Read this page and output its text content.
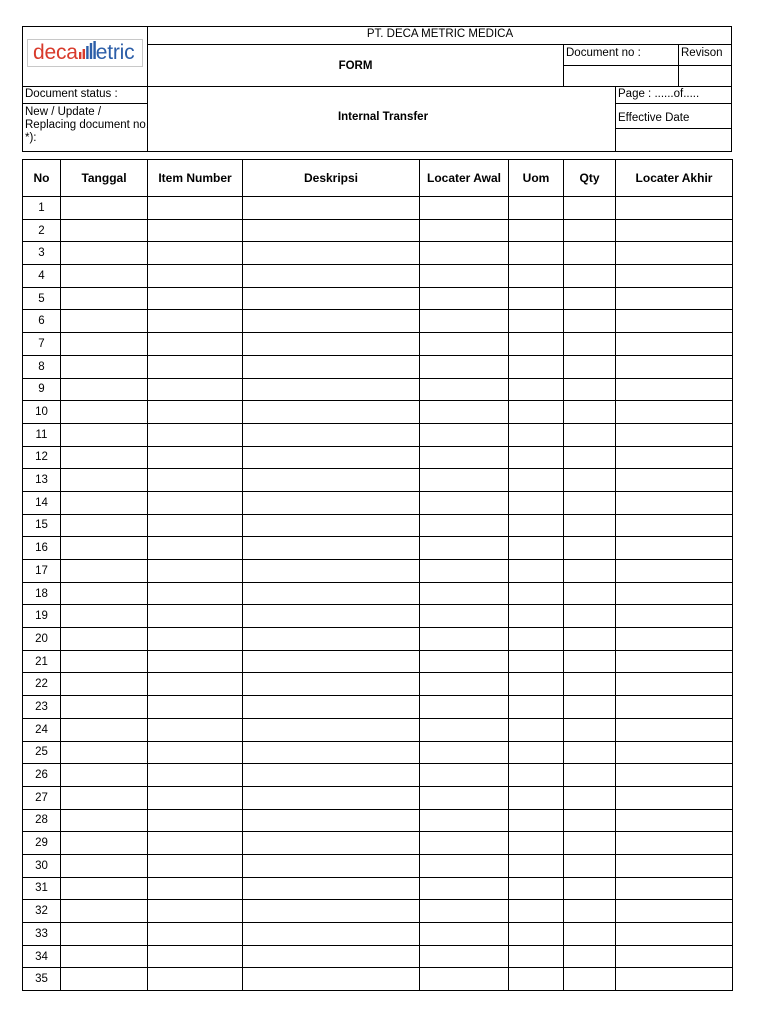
deca etric
PT. DECA METRIC MEDICA
FORM
Document no :	Revison
Document status :
New / Update / Replacing document no. *):
Internal Transfer
Page : ......of.....
Effective Date
No	Tanggal	Item Number	Deskripsi	Locater Awal	Uom	Qty	Locater Akhir
1							
2							
3							
4							
5							
6							
7							
8							
9							
10							
11							
12							
13							
14							
15							
16							
17							
18							
19							
20							
21							
22							
23							
24							
25							
26							
27							
28							
29							
30							
31							
32							
33							
34							
35							
